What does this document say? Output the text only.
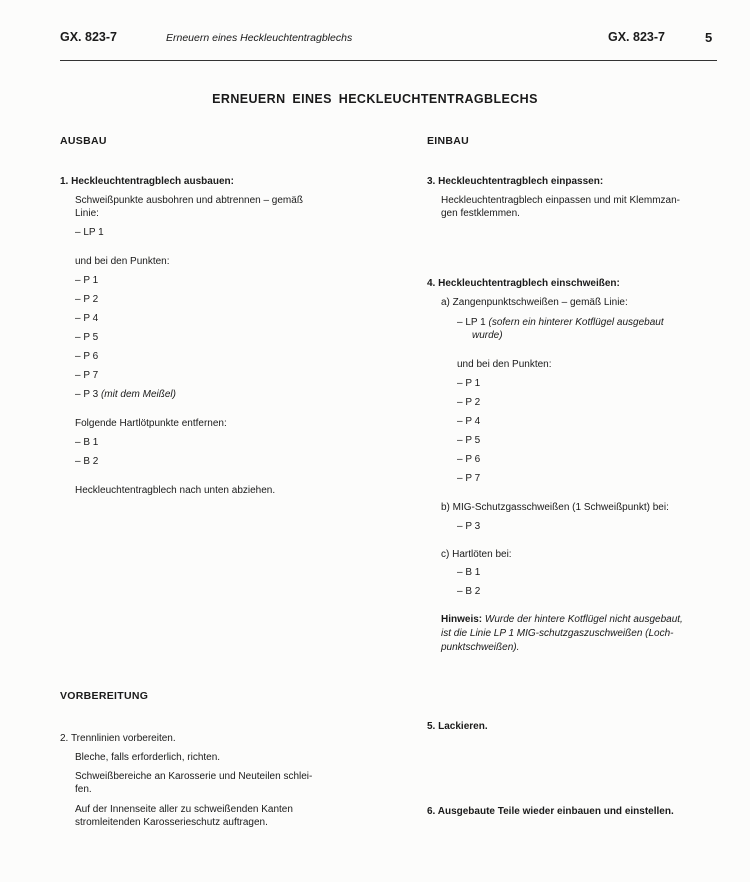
GX. 823-7	Erneuern eines Heckleuchtentragblechs	GX. 823-7	5
ERNEUERN EINES HECKLEUCHTENTRAGBLECHS
AUSBAU
1. Heckleuchtentragblech ausbauen:
Schweißpunkte ausbohren und abtrennen – gemäß
Linie:
– LP 1
und bei den Punkten:
– P 1
– P 2
– P 4
– P 5
– P 6
– P 7
– P 3 (mit dem Meißel)
Folgende Hartlötpunkte entfernen:
– B 1
– B 2
Heckleuchtentragblech nach unten abziehen.
VORBEREITUNG
2. Trennlinien vorbereiten.
Bleche, falls erforderlich, richten.
Schweißbereiche an Karosserie und Neuteilen schlei-
fen.
Auf der Innenseite aller zu schweißenden Kanten
stromleitenden Karosserieschutz auftragen.
EINBAU
3. Heckleuchtentragblech einpassen:
Heckleuchtentragblech einpassen und mit Klemmzan-
gen festklemmen.
4. Heckleuchtentragblech einschweißen:
a) Zangenpunktschweißen – gemäß Linie:
– LP 1 (sofern ein hinterer Kotflügel ausgebaut
wurde)
und bei den Punkten:
– P 1
– P 2
– P 4
– P 5
– P 6
– P 7
b) MIG-Schutzgasschweißen (1 Schweißpunkt) bei:
– P 3
c) Hartlöten bei:
– B 1
– B 2
Hinweis: Wurde der hintere Kotflügel nicht ausgebaut,
ist die Linie LP 1 MIG-schutzgaszuschweißen (Loch-
punktschweißen).
5. Lackieren.
6. Ausgebaute Teile wieder einbauen und einstellen.
